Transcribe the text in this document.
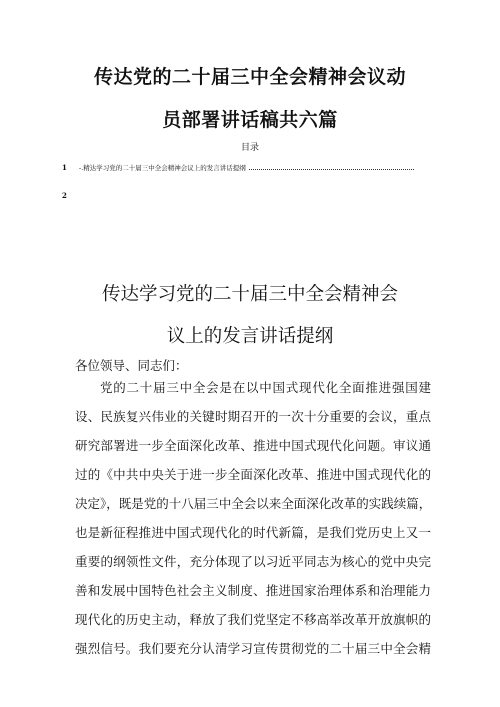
传达党的二十届三中全会精神会议动
员部署讲话稿共六篇
目录
1 -.精达学习党的二十届三中全会精神会议上的发言讲话提纲
2
传达学习党的二十届三中全会精神会
议上的发言讲话提纲
各位领导、同志们：
党的二十届三中全会是在以中国式现代化全面推进强国建
设、民族复兴伟业的关键时期召开的一次十分重要的会议，重点
研究部署进一步全面深化改革、推进中国式现代化问题。审议通
过的《中共中央关于进一步全面深化改革、推进中国式现代化的
决定》，既是党的十八届三中全会以来全面深化改革的实践续篇，
也是新征程推进中国式现代化的时代新篇，是我们党历史上又一
重要的纲领性文件，充分体现了以习近平同志为核心的党中央完
善和发展中国特色社会主义制度、推进国家治理体系和治理能力
现代化的历史主动，释放了我们党坚定不移高举改革开放旗帜的
强烈信号。我们要充分认清学习宣传贯彻党的二十届三中全会精
